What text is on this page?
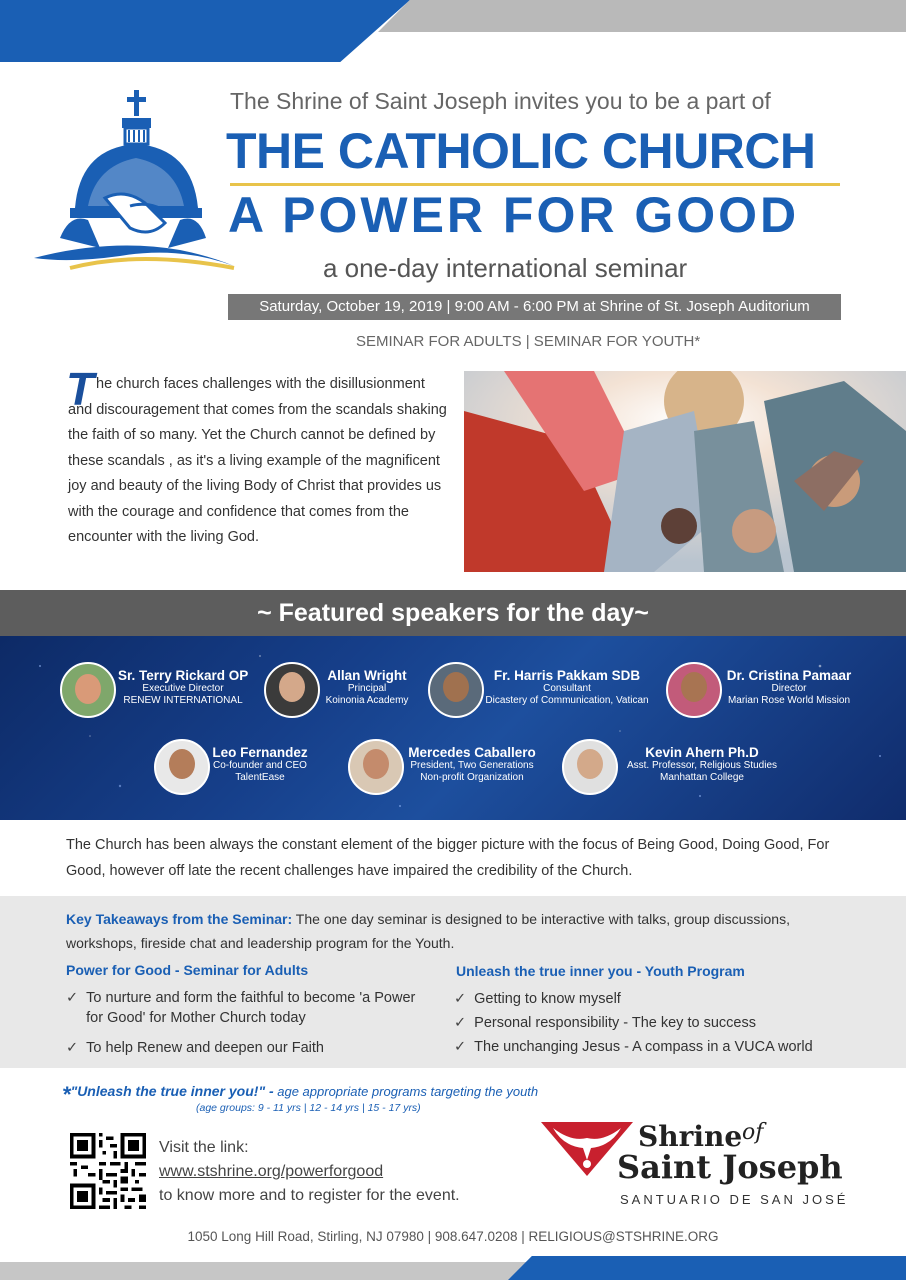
The Shrine of Saint Joseph invites you to be a part of
THE CATHOLIC CHURCH
A POWER FOR GOOD
a one-day international seminar
Saturday, October 19, 2019 | 9:00 AM - 6:00 PM at Shrine of St. Joseph Auditorium
SEMINAR FOR ADULTS | SEMINAR FOR YOUTH*
T he church faces challenges with the disillusionment and discouragement that comes from the scandals shaking the faith of so many. Yet the Church cannot be defined by these scandals , as it's a living example of the magnificent joy and beauty of the living Body of Christ that provides us with the courage and confidence that comes from the encounter with the living God.
~ Featured speakers for the day~
Sr. Terry Rickard OP
Executive Director
RENEW INTERNATIONAL
Allan Wright
Principal
Koinonia Academy
Fr. Harris Pakkam SDB
Consultant
Dicastery of Communication, Vatican
Dr. Cristina Pamaar
Director
Marian Rose World Mission
Leo Fernandez
Co-founder and CEO
TalentEase
Mercedes Caballero
President, Two Generations
Non-profit Organization
Kevin Ahern Ph.D
Asst. Professor, Religious Studies
Manhattan College
The Church has been always the constant element of the bigger picture with the focus of Being Good, Doing Good, For Good, however off late the recent challenges have impaired the credibility of the Church.
Key Takeaways from the Seminar: The one day seminar is designed to be interactive with talks, group discussions, workshops, fireside chat and leadership program for the Youth.
Power for Good - Seminar for Adults
✓ To nurture and form the faithful to become 'a Power for Good' for Mother Church today
✓ To help Renew and deepen our Faith
Unleash the true inner you - Youth Program
✓ Getting to know myself
✓ Personal responsibility - The key to success
✓ The unchanging Jesus - A compass in a VUCA world
*"Unleash the true inner you!" - age appropriate programs targeting the youth
(age groups: 9 - 11 yrs | 12 - 14 yrs | 15 - 17 yrs)
Visit the link:
www.stshrine.org/powerforgood
to know more and to register for the event.
Shrine of
Saint Joseph
SANTUARIO DE SAN JOSÉ
1050 Long Hill Road, Stirling, NJ 07980 | 908.647.0208 | RELIGIOUS@STSHRINE.ORG
